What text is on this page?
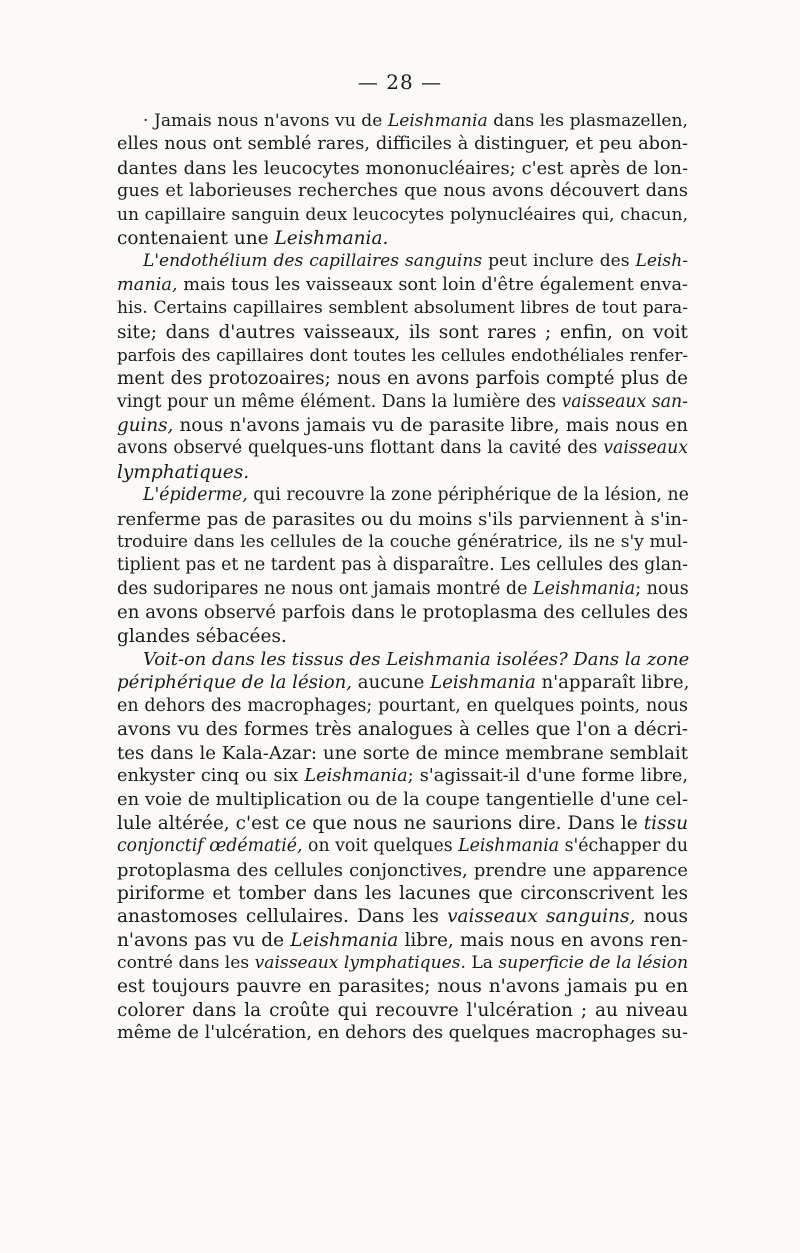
— 28 —
· Jamais nous n'avons vu de Leishmania dans les plasmazellen,
elles nous ont semblé rares, difficiles à distinguer, et peu abon-
dantes dans les leucocytes mononucléaires; c'est après de lon-
gues et laborieuses recherches que nous avons découvert dans
un capillaire sanguin deux leucocytes polynucléaires qui, chacun,
contenaient une Leishmania.
L'endothélium des capillaires sanguins peut inclure des Leish-
mania, mais tous les vaisseaux sont loin d'être également enva-
his. Certains capillaires semblent absolument libres de tout para-
site; dans d'autres vaisseaux, ils sont rares ; enfin, on voit
parfois des capillaires dont toutes les cellules endothéliales renfer-
ment des protozoaires; nous en avons parfois compté plus de
vingt pour un même élément. Dans la lumière des vaisseaux san-
guins, nous n'avons jamais vu de parasite libre, mais nous en
avons observé quelques-uns flottant dans la cavité des vaisseaux
lymphatiques.
L'épiderme, qui recouvre la zone périphérique de la lésion, ne
renferme pas de parasites ou du moins s'ils parviennent à s'in-
troduire dans les cellules de la couche génératrice, ils ne s'y mul-
tiplient pas et ne tardent pas à disparaître. Les cellules des glan-
des sudoripares ne nous ont jamais montré de Leishmania; nous
en avons observé parfois dans le protoplasma des cellules des
glandes sébacées.
Voit-on dans les tissus des Leishmania isolées? Dans la zone
périphérique de la lésion, aucune Leishmania n'apparaît libre,
en dehors des macrophages; pourtant, en quelques points, nous
avons vu des formes très analogues à celles que l'on a décri-
tes dans le Kala-Azar: une sorte de mince membrane semblait
enkyster cinq ou six Leishmania; s'agissait-il d'une forme libre,
en voie de multiplication ou de la coupe tangentielle d'une cel-
lule altérée, c'est ce que nous ne saurions dire. Dans le tissu
conjonctif œdématié, on voit quelques Leishmania s'échapper du
protoplasma des cellules conjonctives, prendre une apparence
piriforme et tomber dans les lacunes que circonscrivent les
anastomoses cellulaires. Dans les vaisseaux sanguins, nous
n'avons pas vu de Leishmania libre, mais nous en avons ren-
contré dans les vaisseaux lymphatiques. La superficie de la lésion
est toujours pauvre en parasites; nous n'avons jamais pu en
colorer dans la croûte qui recouvre l'ulcération ; au niveau
même de l'ulcération, en dehors des quelques macrophages su-
